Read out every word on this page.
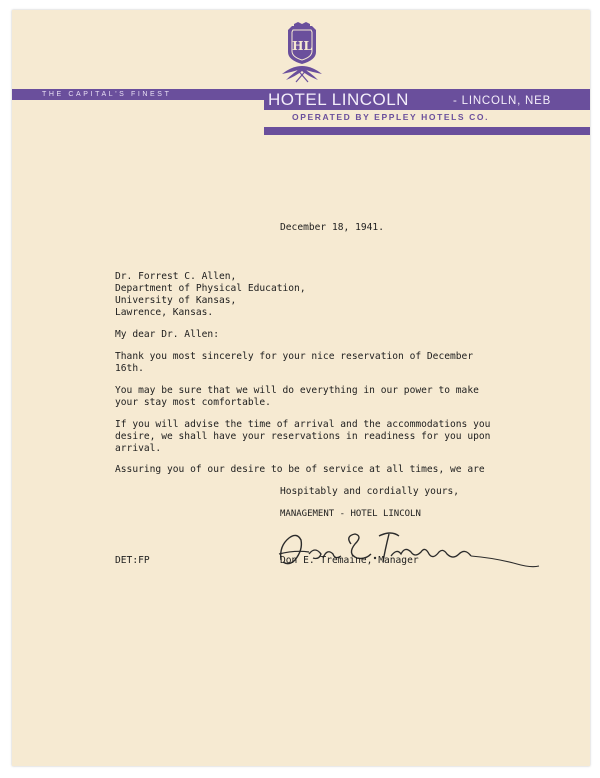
HL
THE CAPITAL'S FINEST	HOTEL LINCOLN	- LINCOLN, NEB
OPERATED BY EPPLEY HOTELS CO.
December 18, 1941.
Dr. Forrest C. Allen,
Department of Physical Education,
University of Kansas,
Lawrence, Kansas.
My dear Dr. Allen:
Thank you most sincerely for your nice reservation of December
16th.
You may be sure that we will do everything in our power to make
your stay most comfortable.
If you will advise the time of arrival and the accommodations you
desire, we shall have your reservations in readiness for you upon
arrival.
Assuring you of our desire to be of service at all times, we are
Hospitably and cordially yours,
MANAGEMENT - HOTEL LINCOLN
DET:FP	Don E. Tremaine, Manager
